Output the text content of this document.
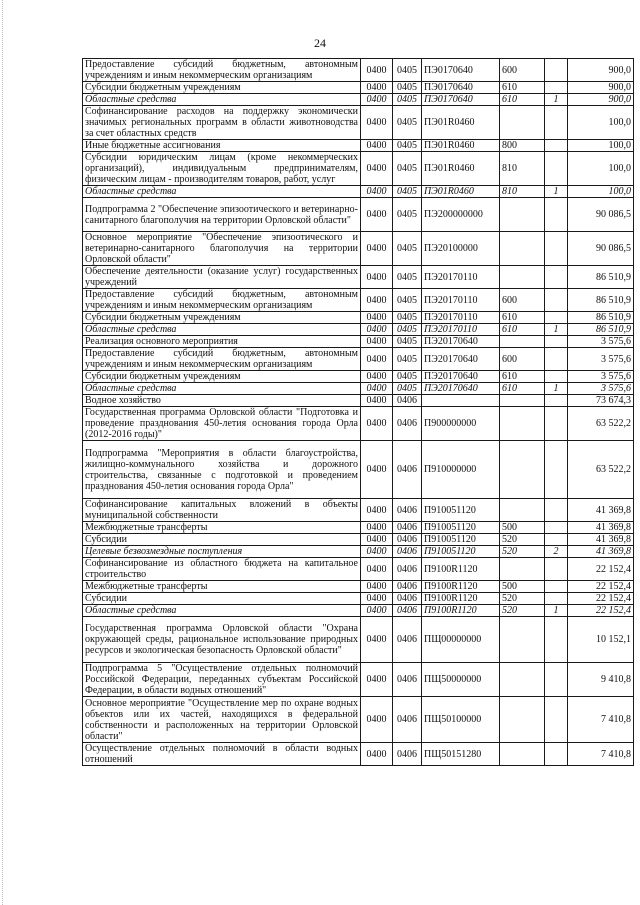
24
Предоставление субсидий бюджетным, автономным учреждениям и иным некоммерческим организациям	0400	0405	ПЭ0170640	600		900,0
Субсидии бюджетным учреждениям	0400	0405	ПЭ0170640	610		900,0
Областные средства	0400	0405	ПЭ0170640	610	1	900,0
Софинансирование расходов на поддержку экономически значимых региональных программ в области животноводства за счет областных средств	0400	0405	ПЭ01R0460			100,0
Иные бюджетные ассигнования	0400	0405	ПЭ01R0460	800		100,0
Субсидии юридическим лицам (кроме некоммерческих организаций), индивидуальным предпринимателям, физическим лицам - производителям товаров, работ, услуг	0400	0405	ПЭ01R0460	810		100,0
Областные средства	0400	0405	ПЭ01R0460	810	1	100,0
Подпрограмма 2 "Обеспечение эпизоотического и ветеринарно-санитарного благополучия на территории Орловской области"	0400	0405	ПЭ200000000			90 086,5
Основное мероприятие "Обеспечение эпизоотического и ветеринарно-санитарного благополучия на территории Орловской области"	0400	0405	ПЭ20100000			90 086,5
Обеспечение деятельности (оказание услуг) государственных учреждений	0400	0405	ПЭ20170110			86 510,9
Предоставление субсидий бюджетным, автономным учреждениям и иным некоммерческим организациям	0400	0405	ПЭ20170110	600		86 510,9
Субсидии бюджетным учреждениям	0400	0405	ПЭ20170110	610		86 510,9
Областные средства	0400	0405	ПЭ20170110	610	1	86 510,9
Реализация основного мероприятия	0400	0405	ПЭ20170640			3 575,6
Предоставление субсидий бюджетным, автономным учреждениям и иным некоммерческим организациям	0400	0405	ПЭ20170640	600		3 575,6
Субсидии бюджетным учреждениям	0400	0405	ПЭ20170640	610		3 575,6
Областные средства	0400	0405	ПЭ20170640	610	1	3 575,6
Водное хозяйство	0400	0406				73 674,3
Государственная программа Орловской области "Подготовка и проведение празднования 450-летия основания города Орла (2012-2016 годы)"	0400	0406	П900000000			63 522,2
Подпрограмма "Мероприятия в области благоустройства, жилищно-коммунального хозяйства и дорожного строительства, связанные с подготовкой и проведением празднования 450-летия основания города Орла"	0400	0406	П910000000			63 522,2
Софинансирование капитальных вложений в объекты муниципальной собственности	0400	0406	П910051120			41 369,8
Межбюджетные трансферты	0400	0406	П910051120	500		41 369,8
Субсидии	0400	0406	П910051120	520		41 369,8
Целевые безвозмездные поступления	0400	0406	П910051120	520	2	41 369,8
Софинансирование из областного бюджета на капитальное строительство	0400	0406	П9100R1120			22 152,4
Межбюджетные трансферты	0400	0406	П9100R1120	500		22 152,4
Субсидии	0400	0406	П9100R1120	520		22 152,4
Областные средства	0400	0406	П9100R1120	520	1	22 152,4
Государственная программа Орловской области "Охрана окружающей среды, рациональное использование природных ресурсов и экологическая безопасность Орловской области"	0400	0406	ПЩ00000000			10 152,1
Подпрограмма 5 "Осуществление отдельных полномочий Российской Федерации, переданных субъектам Российской Федерации, в области водных отношений"	0400	0406	ПЩ50000000			9 410,8
Основное мероприятие "Осуществление мер по охране водных объектов или их частей, находящихся в федеральной собственности и расположенных на территории Орловской области"	0400	0406	ПЩ50100000			7 410,8
Осуществление отдельных полномочий в области водных отношений	0400	0406	ПЩ50151280			7 410,8
